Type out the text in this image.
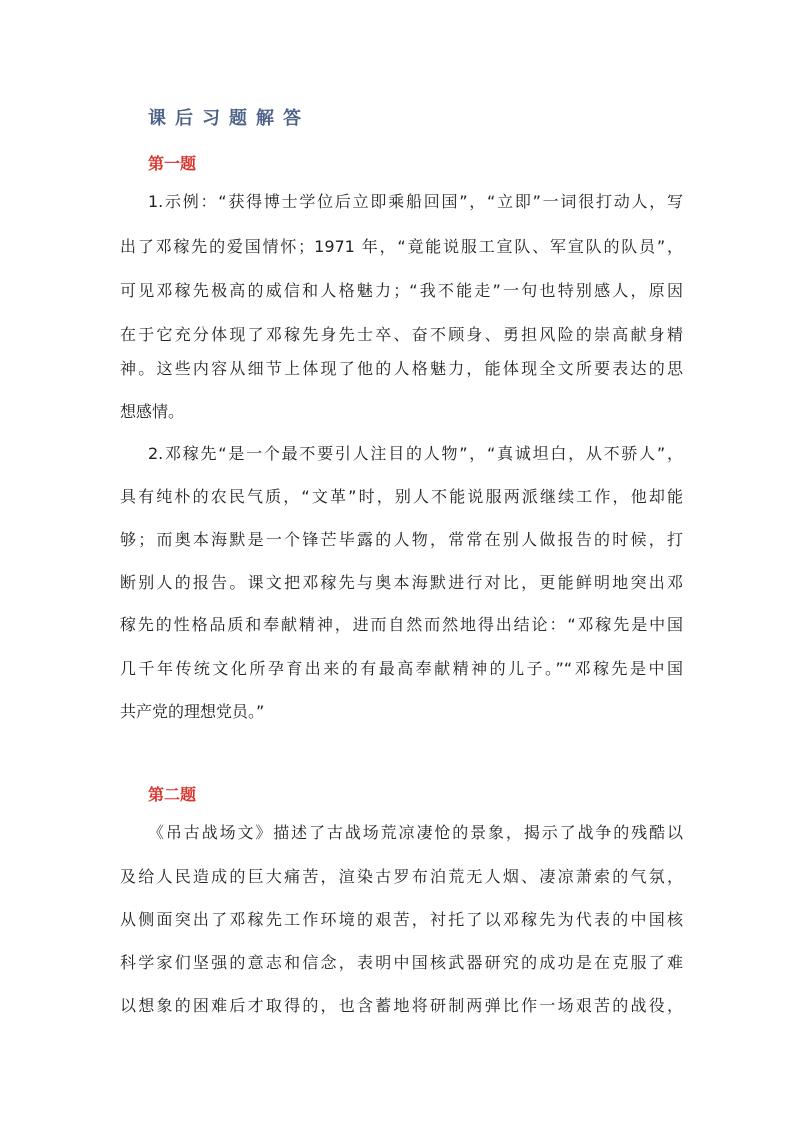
课后习题解答
第一题
1.示例：“获得博士学位后立即乘船回国”，“立即”一词很打动人，写
出了邓稼先的爱国情怀；1971 年，“竟能说服工宣队、军宣队的队员”，
可见邓稼先极高的威信和人格魅力；“我不能走”一句也特别感人，原因
在于它充分体现了邓稼先身先士卒、奋不顾身、勇担风险的崇高献身精
神。这些内容从细节上体现了他的人格魅力，能体现全文所要表达的思
想感情。
2.邓稼先“是一个最不要引人注目的人物”，“真诚坦白，从不骄人”，
具有纯朴的农民气质，“文革”时，别人不能说服两派继续工作，他却能
够；而奥本海默是一个锋芒毕露的人物，常常在别人做报告的时候，打
断别人的报告。课文把邓稼先与奥本海默进行对比，更能鲜明地突出邓
稼先的性格品质和奉献精神，进而自然而然地得出结论：“邓稼先是中国
几千年传统文化所孕育出来的有最高奉献精神的儿子。”“邓稼先是中国
共产党的理想党员。”
第二题
《吊古战场文》描述了古战场荒凉凄怆的景象，揭示了战争的残酷以
及给人民造成的巨大痛苦，渲染古罗布泊荒无人烟、凄凉萧索的气氛，
从侧面突出了邓稼先工作环境的艰苦，衬托了以邓稼先为代表的中国核
科学家们坚强的意志和信念，表明中国核武器研究的成功是在克服了难
以想象的困难后才取得的，也含蓄地将研制两弹比作一场艰苦的战役，
